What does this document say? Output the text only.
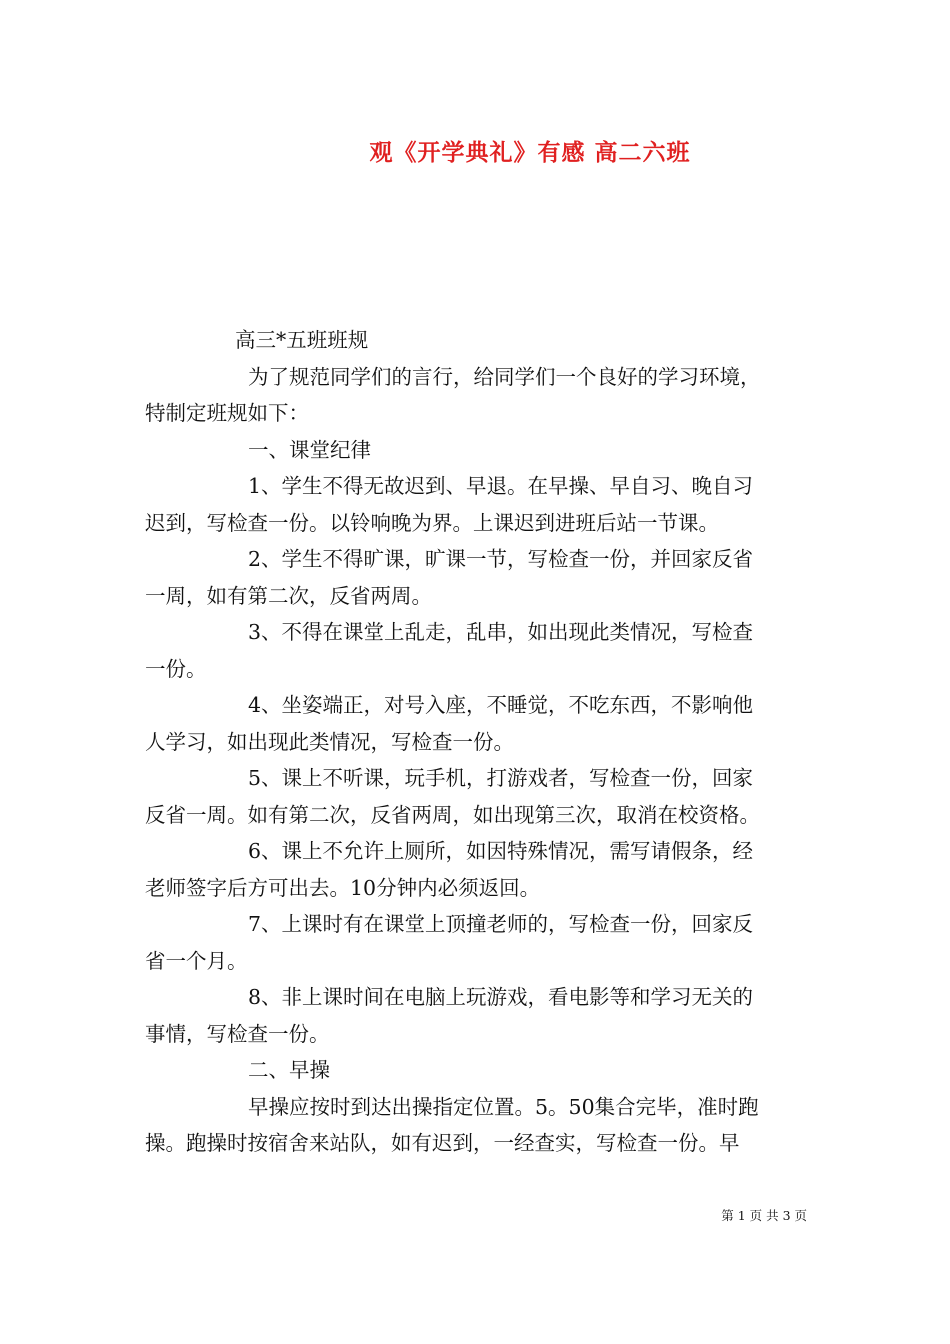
观《开学典礼》有感 高二六班
高三*五班班规
为了规范同学们的言行，给同学们一个良好的学习环境，
特制定班规如下：
一、课堂纪律
1、学生不得无故迟到、早退。在早操、早自习、晚自习
迟到，写检查一份。以铃响晚为界。上课迟到进班后站一节课。
2、学生不得旷课，旷课一节，写检查一份，并回家反省
一周，如有第二次，反省两周。
3、不得在课堂上乱走，乱串，如出现此类情况，写检查
一份。
4、坐姿端正，对号入座，不睡觉，不吃东西，不影响他
人学习，如出现此类情况，写检查一份。
5、课上不听课，玩手机，打游戏者，写检查一份，回家
反省一周。如有第二次，反省两周，如出现第三次，取消在校资格。
6、课上不允许上厕所，如因特殊情况，需写请假条，经
老师签字后方可出去。10分钟内必须返回。
7、上课时有在课堂上顶撞老师的，写检查一份，回家反
省一个月。
8、非上课时间在电脑上玩游戏，看电影等和学习无关的
事情，写检查一份。
二、早操
早操应按时到达出操指定位置。5。50集合完毕，准时跑
操。跑操时按宿舍来站队，如有迟到，一经查实，写检查一份。早
第 1 页 共 3 页
